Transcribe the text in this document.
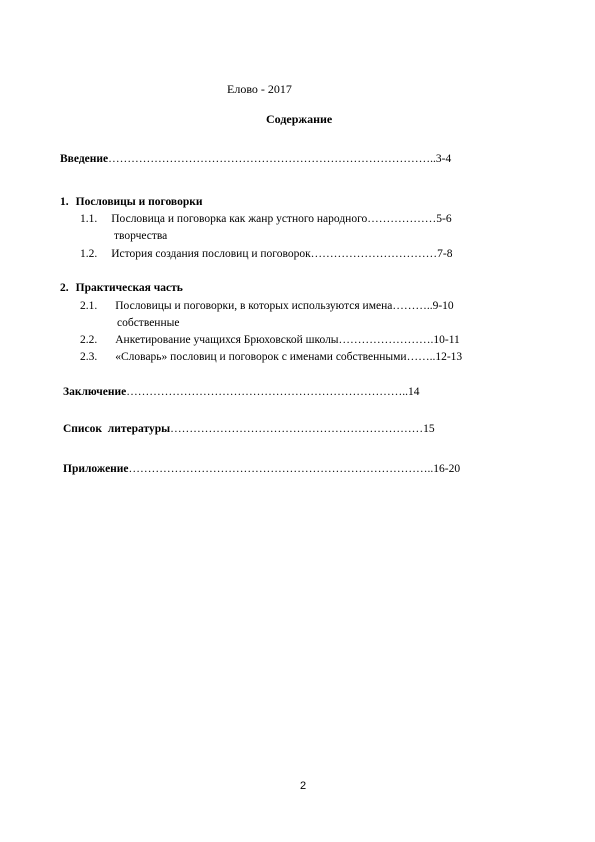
Елово - 2017
Содержание
Введение…………………………………………………………………………..3-4
1. Пословицы и поговорки
1.1. Пословица и поговорка как жанр устного народного………………5-6
творчества
1.2. История создания пословиц и поговорок……………………………7-8
2. Практическая часть
2.1. Пословицы и поговорки, в которых используются имена………..9-10
собственные
2.2. Анкетирование учащихся Брюховской школы…………………….10-11
2.3. «Словарь» пословиц и поговорок с именами собственными……..12-13
Заключение………………………………………………………………..14
Список  литературы…………………………………………………………15
Приложение……………………………………………………………………..16-20
2
